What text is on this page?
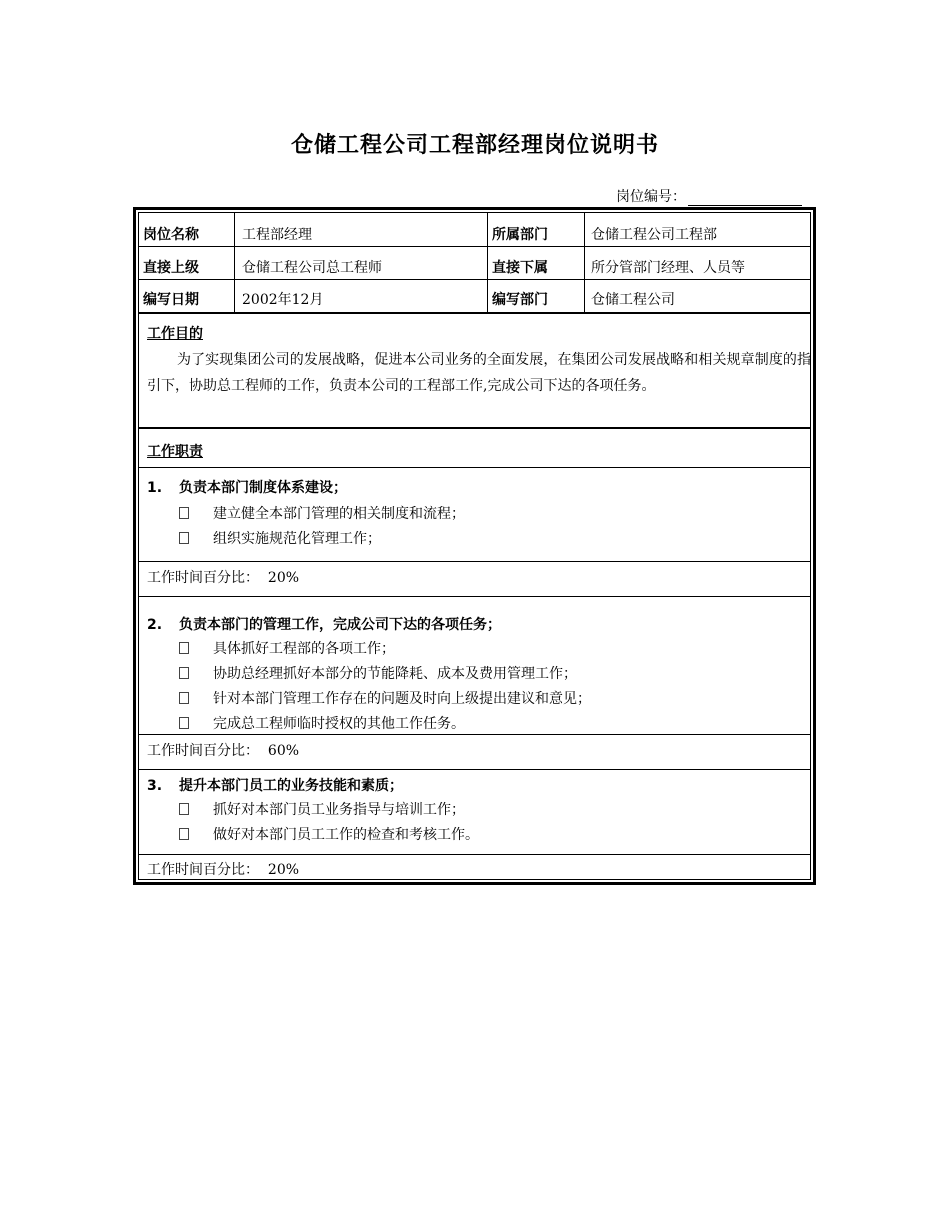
仓储工程公司工程部经理岗位说明书
岗位编号：
岗位名称	工程部经理	所属部门	仓储工程公司工程部
直接上级	仓储工程公司总工程师	直接下属	所分管部门经理、人员等
编写日期	2002年12月	编写部门	仓储工程公司
工作目的
为了实现集团公司的发展战略，促进本公司业务的全面发展，在集团公司发展战略和相关规章制度的指引下，协助总工程师的工作，负责本公司的工程部工作,完成公司下达的各项任务。
工作职责
1. 负责本部门制度体系建设；
建立健全本部门管理的相关制度和流程；
组织实施规范化管理工作；
工作时间百分比： 20%
2. 负责本部门的管理工作，完成公司下达的各项任务；
具体抓好工程部的各项工作；
协助总经理抓好本部分的节能降耗、成本及费用管理工作；
针对本部门管理工作存在的问题及时向上级提出建议和意见；
完成总工程师临时授权的其他工作任务。
工作时间百分比： 60%
3. 提升本部门员工的业务技能和素质；
抓好对本部门员工业务指导与培训工作；
做好对本部门员工工作的检查和考核工作。
工作时间百分比： 20%
